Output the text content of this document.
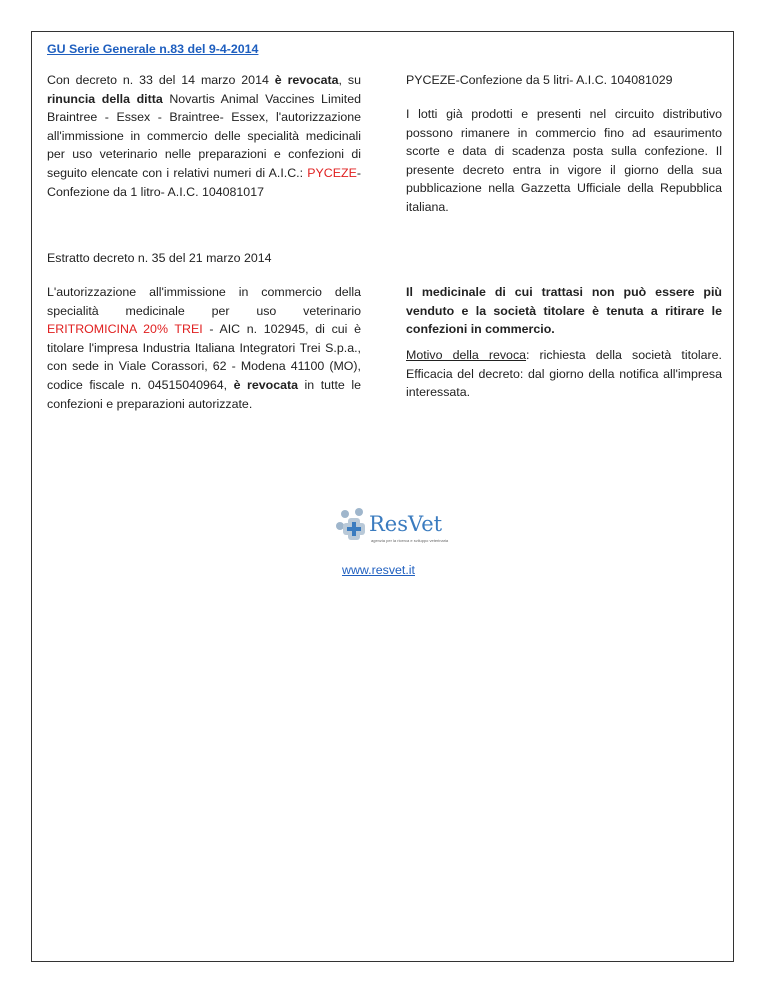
GU Serie Generale n.83 del 9-4-2014

Con decreto n. 33 del 14 marzo 2014 è revocata, su rinuncia della ditta Novartis Animal Vaccines Limited Braintree - Essex - Braintree- Essex, l'autorizzazione all'immissione in commercio delle specialità medicinali per uso veterinario nelle preparazioni e confezioni di seguito elencate con i relativi numeri di A.I.C.: PYCEZE-Confezione da 1 litro- A.I.C. 104081017

PYCEZE-Confezione da 5 litri- A.I.C. 104081029

I lotti già prodotti e presenti nel circuito distributivo possono rimanere in commercio fino ad esaurimento scorte e data di scadenza posta sulla confezione. Il presente decreto entra in vigore il giorno della sua pubblicazione nella Gazzetta Ufficiale della Repubblica italiana.

Estratto decreto n. 35 del 21 marzo 2014

L'autorizzazione all'immissione in commercio della specialità medicinale per uso veterinario ERITROMICINA 20% TREI - AIC n. 102945, di cui è titolare l'impresa Industria Italiana Integratori Trei S.p.a., con sede in Viale Corassori, 62 - Modena 41100 (MO), codice fiscale n. 04515040964, è revocata in tutte le confezioni e preparazioni autorizzate.

Il medicinale di cui trattasi non può essere più venduto e la società titolare è tenuta a ritirare le confezioni in commercio.

Motivo della revoca: richiesta della società titolare. Efficacia del decreto: dal giorno della notifica all'impresa interessata.

ResVet
agenzia per la ricerca e sviluppo veterinaria
www.resvet.it
